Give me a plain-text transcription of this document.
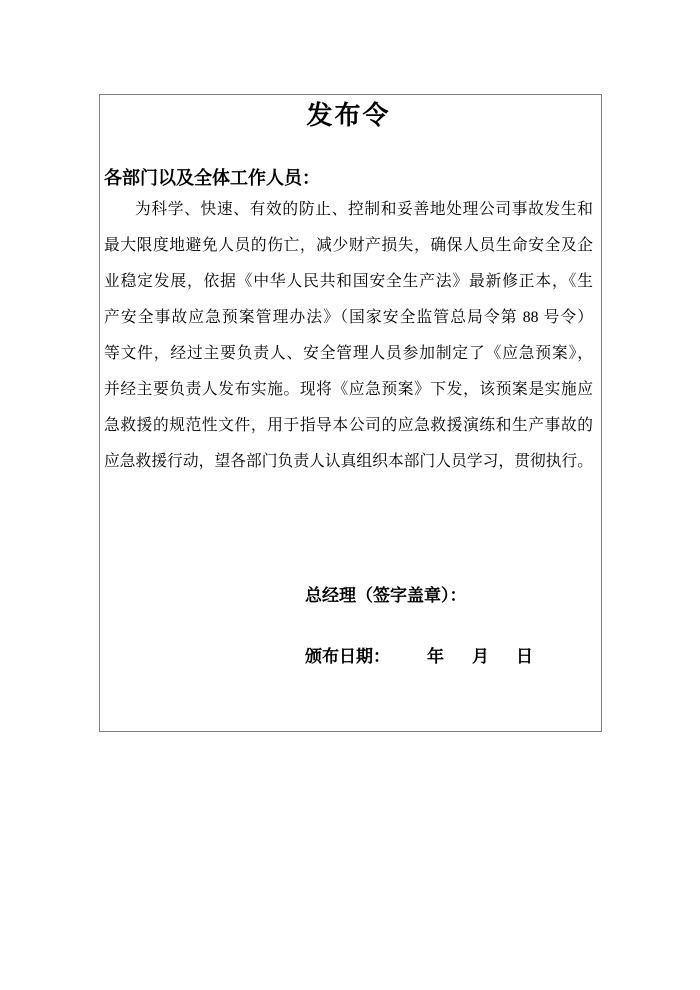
发布令
各部门以及全体工作人员：
为科学、快速、有效的防止、控制和妥善地处理公司事故发生和
最大限度地避免人员的伤亡，减少财产损失，确保人员生命安全及企
业稳定发展，依据《中华人民共和国安全生产法》最新修正本，《生
产安全事故应急预案管理办法》（国家安全监管总局令第 88 号令）
等文件，经过主要负责人、安全管理人员参加制定了《应急预案》，
并经主要负责人发布实施。现将《应急预案》下发，该预案是实施应
急救援的规范性文件，用于指导本公司的应急救援演练和生产事故的
应急救援行动，望各部门负责人认真组织本部门人员学习，贯彻执行。
总经理（签字盖章）：
颁布日期： 年 月 日
